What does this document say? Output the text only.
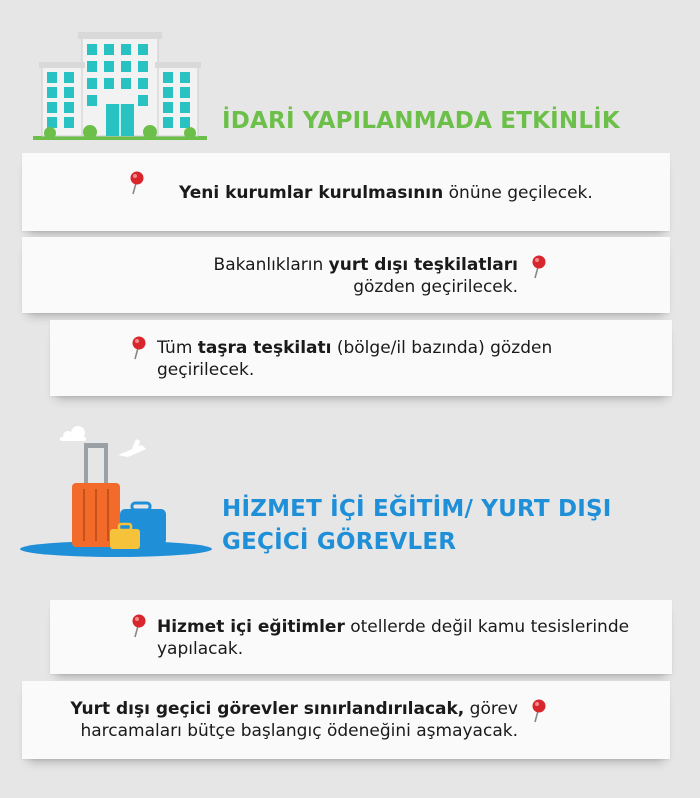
İDARİ YAPILANMADA ETKİNLİK

Yeni kurumlar kurulmasının önüne geçilecek.

Bakanlıkların yurt dışı teşkilatları
gözden geçirilecek.

Tüm taşra teşkilatı (bölge/il bazında) gözden geçirilecek.

HİZMET İÇİ EĞİTİM/ YURT DIŞI
GEÇİCİ GÖREVLER

Hizmet içi eğitimler otellerde değil kamu tesislerinde yapılacak.

Yurt dışı geçici görevler sınırlandırılacak, görev harcamaları bütçe başlangıç ödeneğini aşmayacak.
